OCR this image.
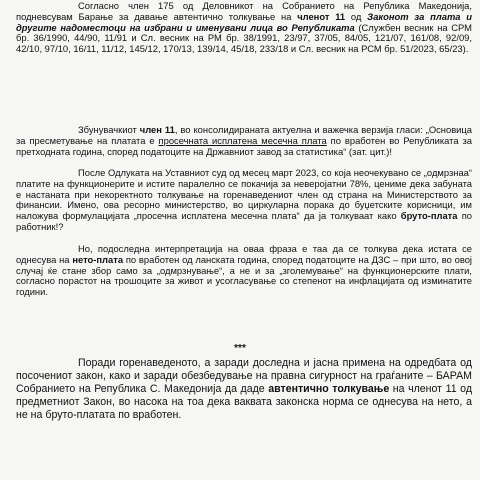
Согласно член 175 од Деловникот на Собранието на Република Македонија, подневсувам Барање за давање автентично толкување на членот 11 од Законот за плата и другите надоместоци на избрани и именувани лица во Републиката (Службен весник на СРМ бр. 36/1990, 44/90, 11/91 и Сл. весник на РМ бр. 38/1991, 23/97, 37/05, 84/05, 121/07, 161/08, 92/09, 42/10, 97/10, 16/11, 11/12, 145/12, 170/13, 139/14, 45/18, 233/18 и Сл. весник на РСМ бр. 51/2023, 65/23).

Збунувачкиот член 11, во консолидираната актуелна и важечка верзија гласи: „Основица за пресметување на платата е просечната исплатена месечна плата по вработен во Републиката за претходната година, според податоците на Државниот завод за статистика“ (зат. цит.)!

После Одлуката на Уставниот суд од месец март 2023, со која неочекувано се „одмрзнаа“ платите на функционерите и истите паралелно се покачија за неверојатни 78%, цениме дека забуната е настаната при некоректното толкување на горенаведениот член од страна на Министерството за финансии. Имено, ова ресорно министерство, во циркуларна порака до буџетските корисници, им наложува формулацијата „просечна исплатена месечна плата“ да ја толкуваат како бруто-плата по работник!?

Но, подоследна интерпретација на оваа фраза е таа да се толкува дека истата се однесува на нето-плата по вработен од ланската година, според податоците на ДЗС – при што, во овој случај ќе стане збор само за „одмрзнување“, а не и за „зголемување“ на функционерските плати, согласно порастот на трошоците за живот и усогласување со степенот на инфлацијата од изминатите години.

***

Поради горенаведеното, а заради доследна и јасна примена на одредбата од посочениот закон, како и заради обезбедување на правна сигурност на граѓаните – БАРАМ Собранието на Република С. Македонија да даде автентично толкување на членот 11 од предметниот Закон, во насока на тоа дека ваквата законска норма се однесува на нето, а не на бруто-платата по вработен.
